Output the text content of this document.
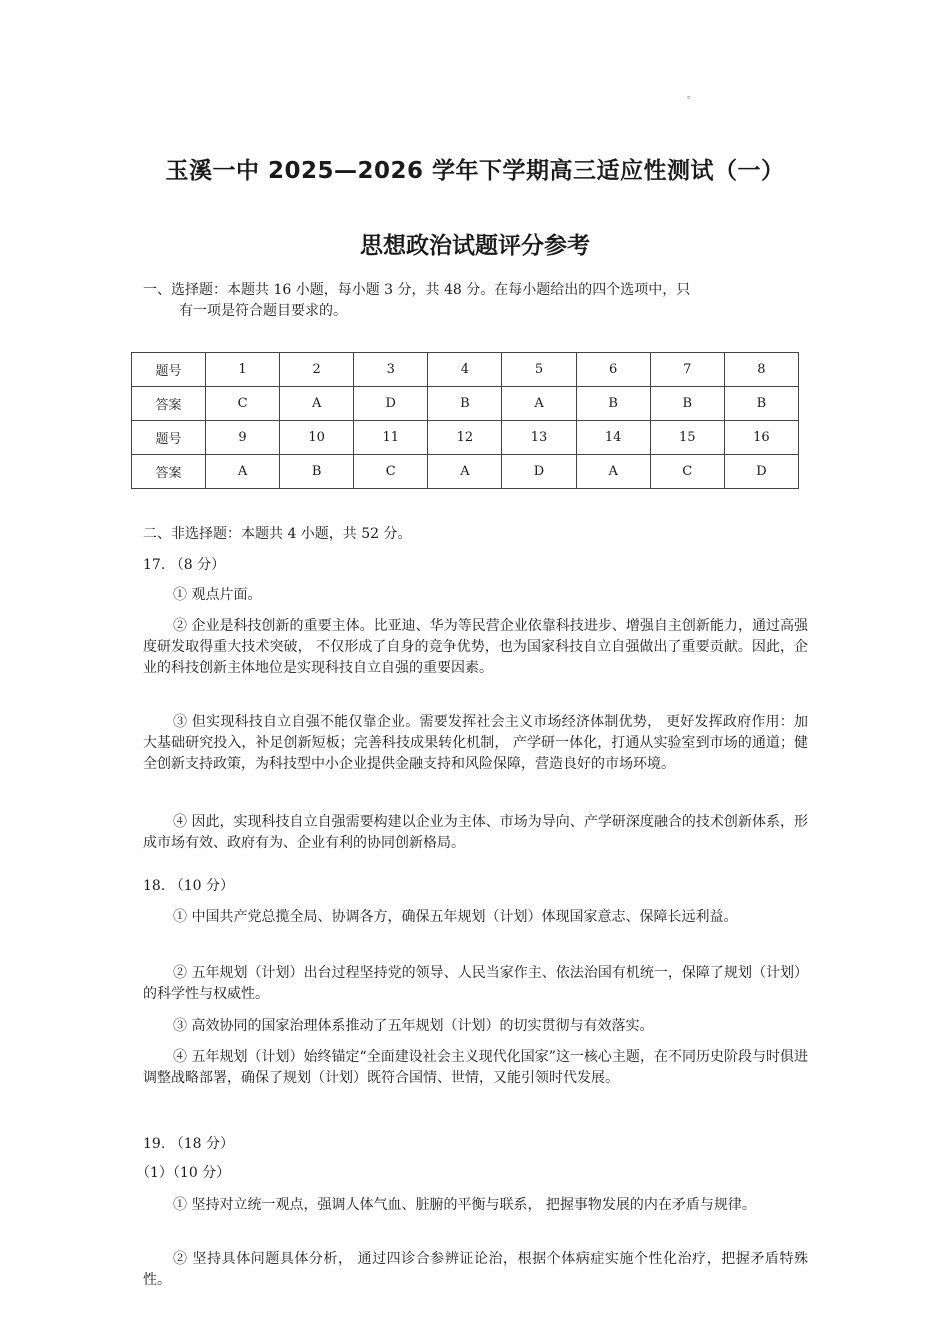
。
玉溪一中 2025—2026 学年下学期高三适应性测试（一）
思想政治试题评分参考
一、选择题：本题共 16 小题，每小题 3 分，共 48 分。在每小题给出的四个选项中，只
有一项是符合题目要求的。
题号	1	2	3	4	5	6	7	8
答案	C	A	D	B	A	B	B	B
题号	9	10	11	12	13	14	15	16
答案	A	B	C	A	D	A	C	D
二、非选择题：本题共 4 小题，共 52 分。
17. （8 分）
① 观点片面。
② 企业是科技创新的重要主体。比亚迪、华为等民营企业依靠科技进步、增强自主创新能力，通过高强度研发取得重大技术突破， 不仅形成了自身的竞争优势，也为国家科技自立自强做出了重要贡献。因此，企业的科技创新主体地位是实现科技自立自强的重要因素。
③ 但实现科技自立自强不能仅靠企业。需要发挥社会主义市场经济体制优势， 更好发挥政府作用：加大基础研究投入，补足创新短板；完善科技成果转化机制， 产学研一体化，打通从实验室到市场的通道；健全创新支持政策，为科技型中小企业提供金融支持和风险保障，营造良好的市场环境。
④ 因此，实现科技自立自强需要构建以企业为主体、市场为导向、产学研深度融合的技术创新体系，形成市场有效、政府有为、企业有利的协同创新格局。
18. （10 分）
① 中国共产党总揽全局、协调各方，确保五年规划（计划）体现国家意志、保障长远利益。
② 五年规划（计划）出台过程坚持党的领导、人民当家作主、依法治国有机统一，保障了规划（计划）的科学性与权威性。
③ 高效协同的国家治理体系推动了五年规划（计划）的切实贯彻与有效落实。
④ 五年规划（计划）始终锚定“全面建设社会主义现代化国家”这一核心主题，在不同历史阶段与时俱进调整战略部署，确保了规划（计划）既符合国情、世情，又能引领时代发展。
19. （18 分）
（1）（10 分）
① 坚持对立统一观点，强调人体气血、脏腑的平衡与联系， 把握事物发展的内在矛盾与规律。
② 坚持具体问题具体分析， 通过四诊合参辨证论治，根据个体病症实施个性化治疗，把握矛盾特殊性。
